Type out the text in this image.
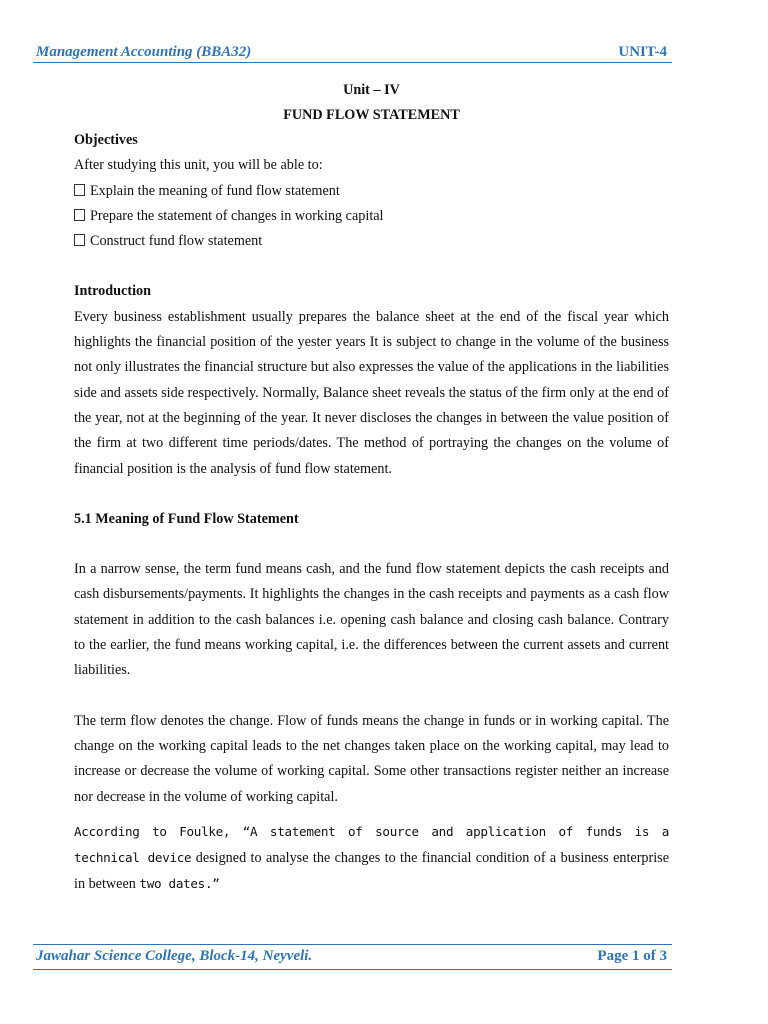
Management Accounting (BBA32)	UNIT-4

Unit – IV

FUND FLOW STATEMENT

Objectives

After studying this unit, you will be able to:

Explain the meaning of fund flow statement

Prepare the statement of changes in working capital

Construct fund flow statement

Introduction

Every business establishment usually prepares the balance sheet at the end of the fiscal year which highlights the financial position of the yester years It is subject to change in the volume of the business not only illustrates the financial structure but also expresses the value of the applications in the liabilities side and assets side respectively. Normally, Balance sheet reveals the status of the firm only at the end of the year, not at the beginning of the year. It never discloses the changes in between the value position of the firm at two different time periods/dates. The method of portraying the changes on the volume of financial position is the analysis of fund flow statement.

5.1 Meaning of Fund Flow Statement

In a narrow sense, the term fund means cash, and the fund flow statement depicts the cash receipts and cash disbursements/payments. It highlights the changes in the cash receipts and payments as a cash flow statement in addition to the cash balances i.e. opening cash balance and closing cash balance. Contrary to the earlier, the fund means working capital, i.e. the differences between the current assets and current liabilities.

The term flow denotes the change. Flow of funds means the change in funds or in working capital. The change on the working capital leads to the net changes taken place on the working capital, may lead to increase or decrease the volume of working capital. Some other transactions register neither an increase nor decrease in the volume of working capital.

According to Foulke, “A statement of source and application of funds is a technical device designed to analyse the changes to the financial condition of a business enterprise in between two dates.”

Jawahar Science College, Block-14, Neyveli.	Page 1 of 3
